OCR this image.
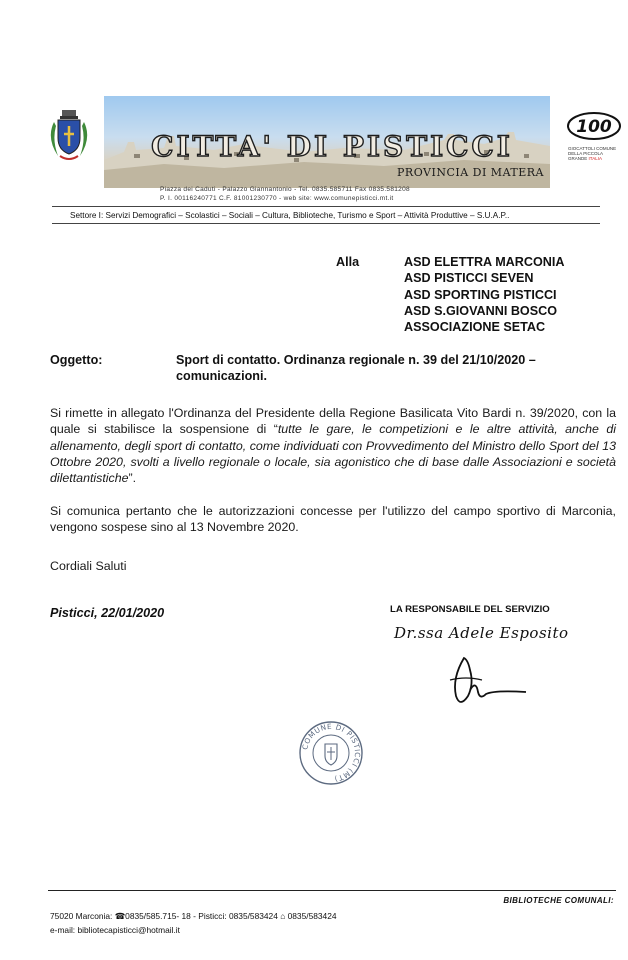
CITTA' DI PISTICCI
PROVINCIA DI MATERA
Piazza dei Caduti - Palazzo Giannantonio - Tel. 0835.585711 Fax 0835.581208
P. I. 00116240771 C.F. 81001230770 - web site: www.comunepisticci.mt.it
100
GIOCATTOLI COMUNE
DELLA PICCOLA
GRANDE ITALIA
Settore I: Servizi Demografici – Scolastici – Sociali – Cultura, Biblioteche, Turismo e Sport – Attività Produttive – S.U.A.P..
Alla	ASD ELETTRA MARCONIA
ASD PISTICCI SEVEN
ASD SPORTING PISTICCI
ASD S.GIOVANNI BOSCO
ASSOCIAZIONE SETAC
Oggetto:	Sport di contatto. Ordinanza regionale n. 39 del 21/10/2020 –
comunicazioni.
Si rimette in allegato l'Ordinanza del Presidente della Regione Basilicata Vito Bardi n. 39/2020, con la quale si stabilisce la sospensione di “tutte le gare, le competizioni e le altre attività, anche di allenamento, degli sport di contatto, come individuati con Provvedimento del Ministro dello Sport del 13 Ottobre 2020, svolti a livello regionale o locale, sia agonistico che di base dalle Associazioni e società dilettantistiche”.
Si comunica pertanto che le autorizzazioni concesse per l'utilizzo del campo sportivo di Marconia, vengono sospese sino al 13 Novembre 2020.
Cordiali Saluti
Pisticci, 22/01/2020	LA RESPONSABILE DEL SERVIZIO
Dr.ssa Adele Esposito
COMUNE DI PISTICCI (MT)
BIBLIOTECHE COMUNALI:
75020 Marconia: ☎0835/585.715- 18 - Pisticci: 0835/583424 ⌂ 0835/583424
e-mail: bibliotecapisticci@hotmail.it
